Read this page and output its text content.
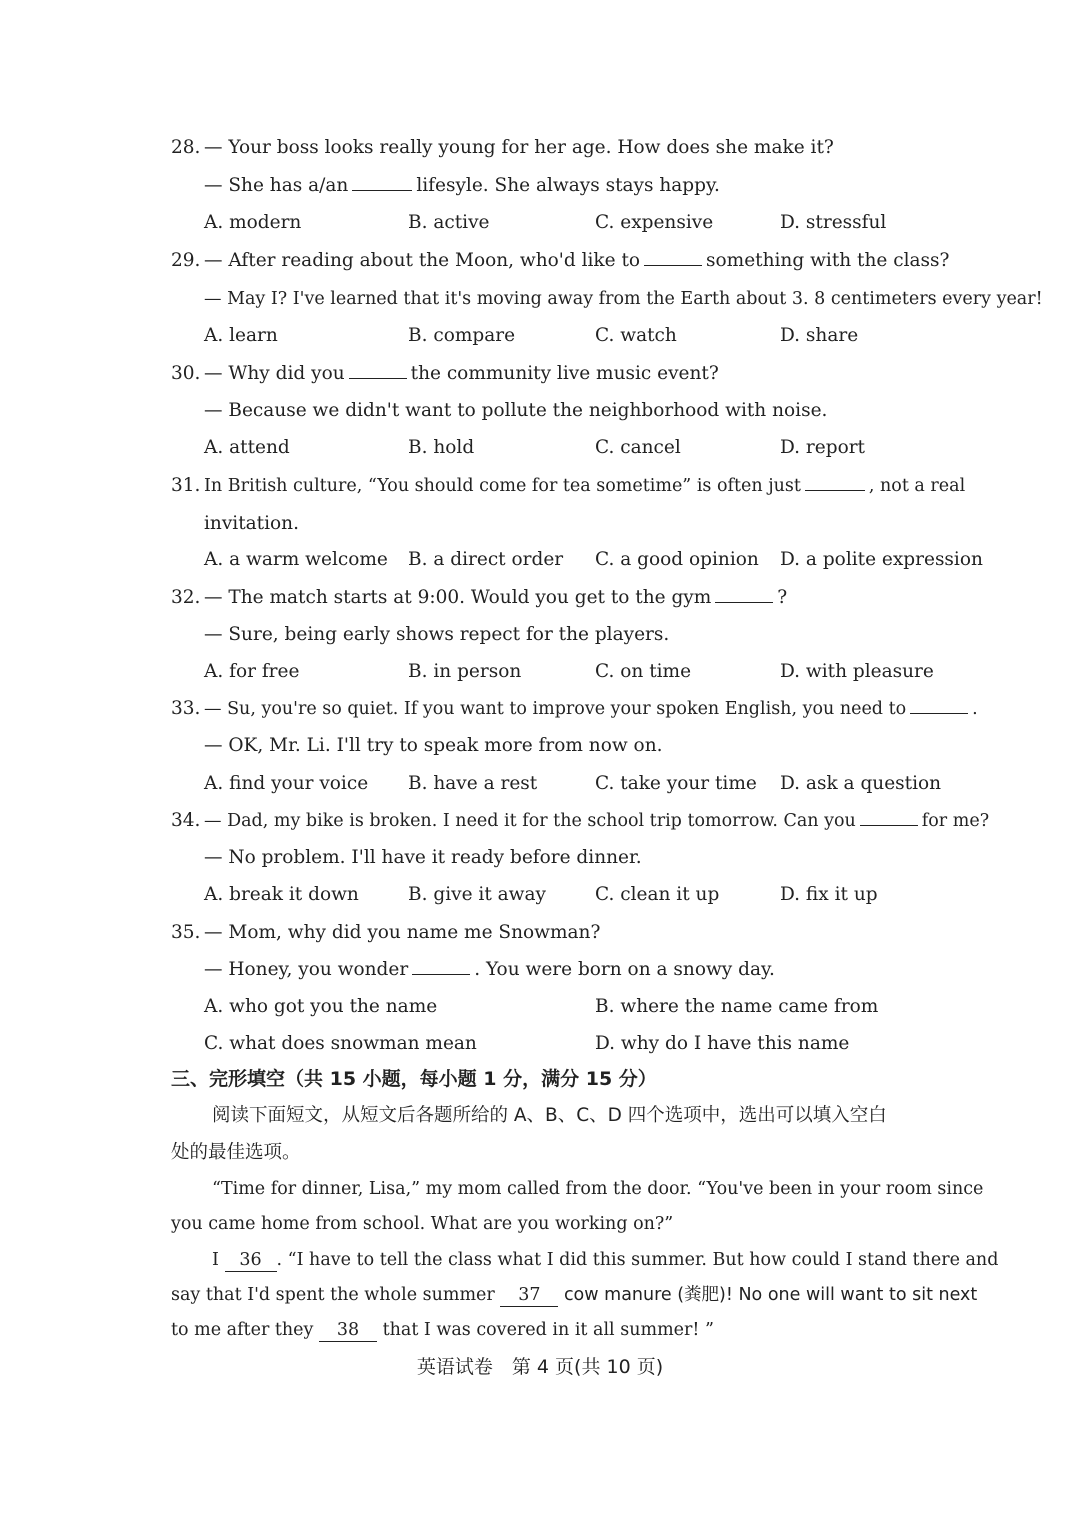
28. — Your boss looks really young for her age. How does she make it?
— She has a/an	lifesyle. She always stays happy.
A. modern	B. active	C. expensive	D. stressful
29. — After reading about the Moon, who'd like to	something with the class?
— May I? I've learned that it's moving away from the Earth about 3. 8 centimeters every year!
A. learn	B. compare	C. watch	D. share
30. — Why did you	the community live music event?
— Because we didn't want to pollute the neighborhood with noise.
A. attend	B. hold	C. cancel	D. report
31. In British culture, “You should come for tea sometime” is often just	, not a real
invitation.
A. a warm welcome B. a direct order C. a good opinion D. a polite expression
32. — The match starts at 9:00. Would you get to the gym	?
— Sure, being early shows repect for the players.
A. for free	B. in person	C. on time	D. with pleasure
33. — Su, you're so quiet. If you want to improve your spoken English, you need to	.
— OK, Mr. Li. I'll try to speak more from now on.
A. find your voice B. have a rest	C. take your time D. ask a question
34. — Dad, my bike is broken. I need it for the school trip tomorrow. Can you	for me?
— No problem. I'll have it ready before dinner.
A. break it down	B. give it away	C. clean it up	D. fix it up
35. — Mom, why did you name me Snowman?
— Honey, you wonder	. You were born on a snowy day.
A. who got you the name	B. where the name came from
C. what does snowman mean	D. why do I have this name
三、完形填空（共 15 小题，每小题 1 分，满分 15 分）
阅读下面短文，从短文后各题所给的 A、B、C、D 四个选项中，选出可以填入空白
处的最佳选项。
“Time for dinner, Lisa,” my mom called from the door. “You've been in your room since
you came home from school. What are you working on?”
I 36 . “I have to tell the class what I did this summer. But how could I stand there and
say that I'd spent the whole summer 37 cow manure (粪肥)! No one will want to sit next
to me after they 38 that I was covered in it all summer! ”
英语试卷　第 4 页(共 10 页)
